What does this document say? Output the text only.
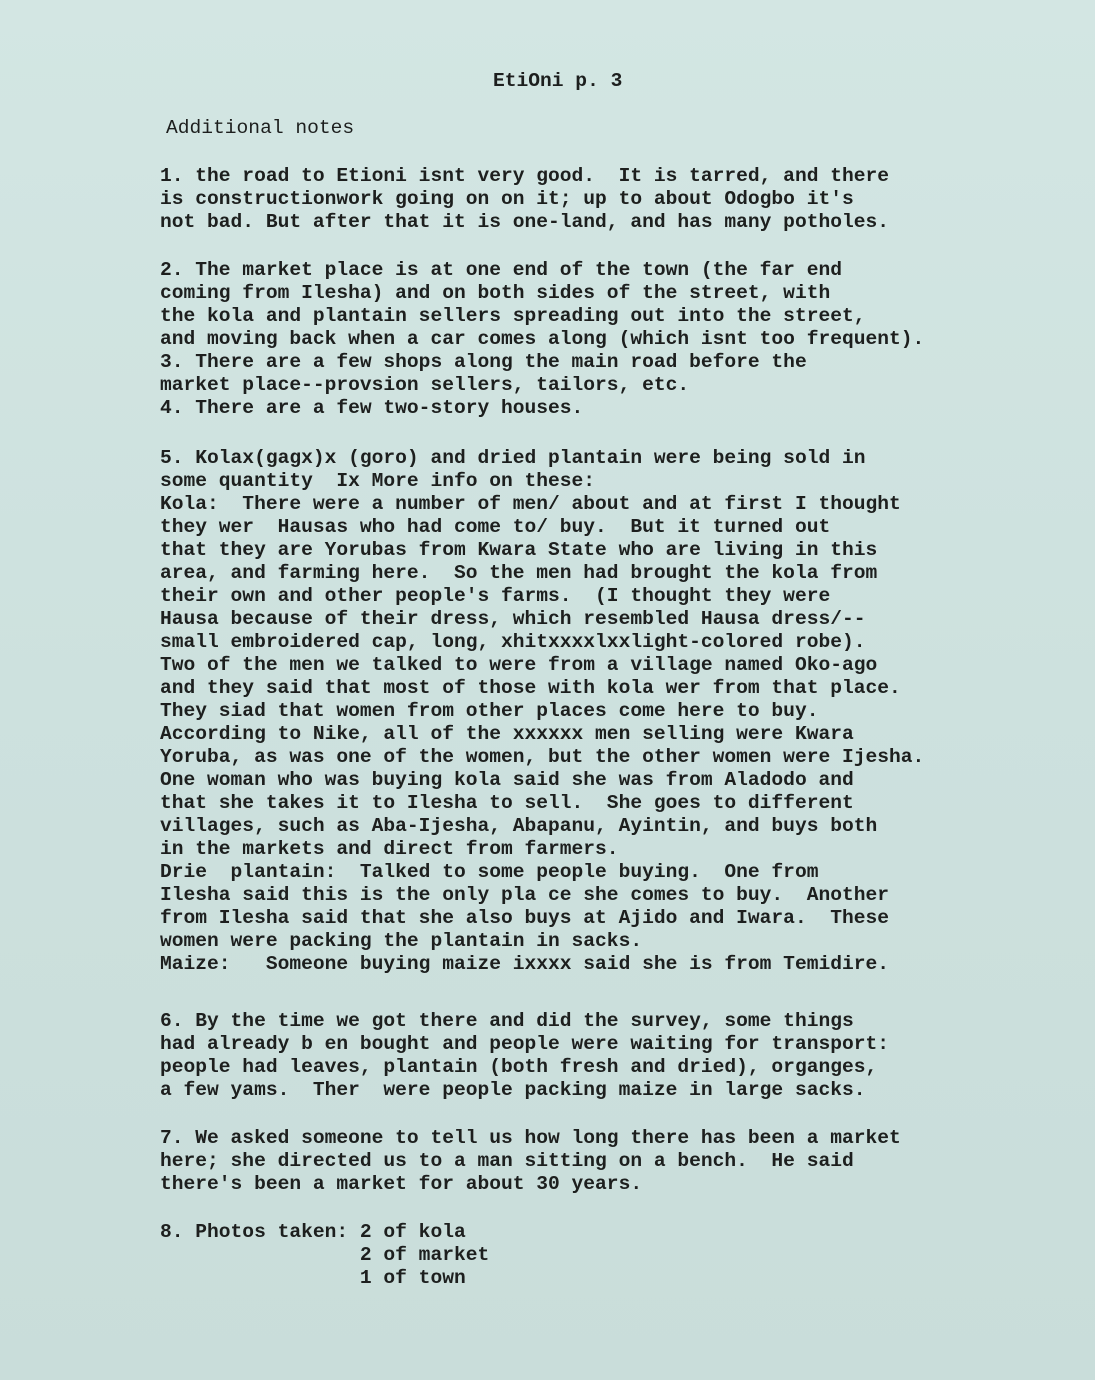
EtiOni p. 3
Additional notes

1. the road to Etioni isnt very good.  It is tarred, and there

is constructionwork going on on it; up to about Odogbo it's

not bad. But after that it is one-land, and has many potholes.

2. The market place is at one end of the town (the far end

coming from Ilesha) and on both sides of the street, with

the kola and plantain sellers spreading out into the street,

and moving back when a car comes along (which isnt too frequent).

3. There are a few shops along the main road before the

market place--provsion sellers, tailors, etc.

4. There are a few two-story houses.

5. Kolax(gagx)x (goro) and dried plantain were being sold in

some quantity  Ix More info on these:

Kola:  There were a number of men/ about and at first I thought

they wer  Hausas who had come to/ buy.  But it turned out

that they are Yorubas from Kwara State who are living in this

area, and farming here.  So the men had brought the kola from

their own and other people's farms.  (I thought they were

Hausa because of their dress, which resembled Hausa dress/--

small embroidered cap, long, xhitxxxxlxxlight-colored robe).

Two of the men we talked to were from a village named Oko-ago

and they said that most of those with kola wer from that place.

They siad that women from other places come here to buy.

According to Nike, all of the xxxxxx men selling were Kwara

Yoruba, as was one of the women, but the other women were Ijesha.

One woman who was buying kola said she was from Aladodo and

that she takes it to Ilesha to sell.  She goes to different

villages, such as Aba-Ijesha, Abapanu, Ayintin, and buys both

in the markets and direct from farmers.

Drie  plantain:  Talked to some people buying.  One from

Ilesha said this is the only pla ce she comes to buy.  Another

from Ilesha said that she also buys at Ajido and Iwara.  These

women were packing the plantain in sacks.

Maize:   Someone buying maize ixxxx said she is from Temidire.

6. By the time we got there and did the survey, some things

had already b en bought and people were waiting for transport:

people had leaves, plantain (both fresh and dried), organges,

a few yams.  Ther  were people packing maize in large sacks.

7. We asked someone to tell us how long there has been a market

here; she directed us to a man sitting on a bench.  He said

there's been a market for about 30 years.

8. Photos taken: 2 of kola

2 of market

1 of town
